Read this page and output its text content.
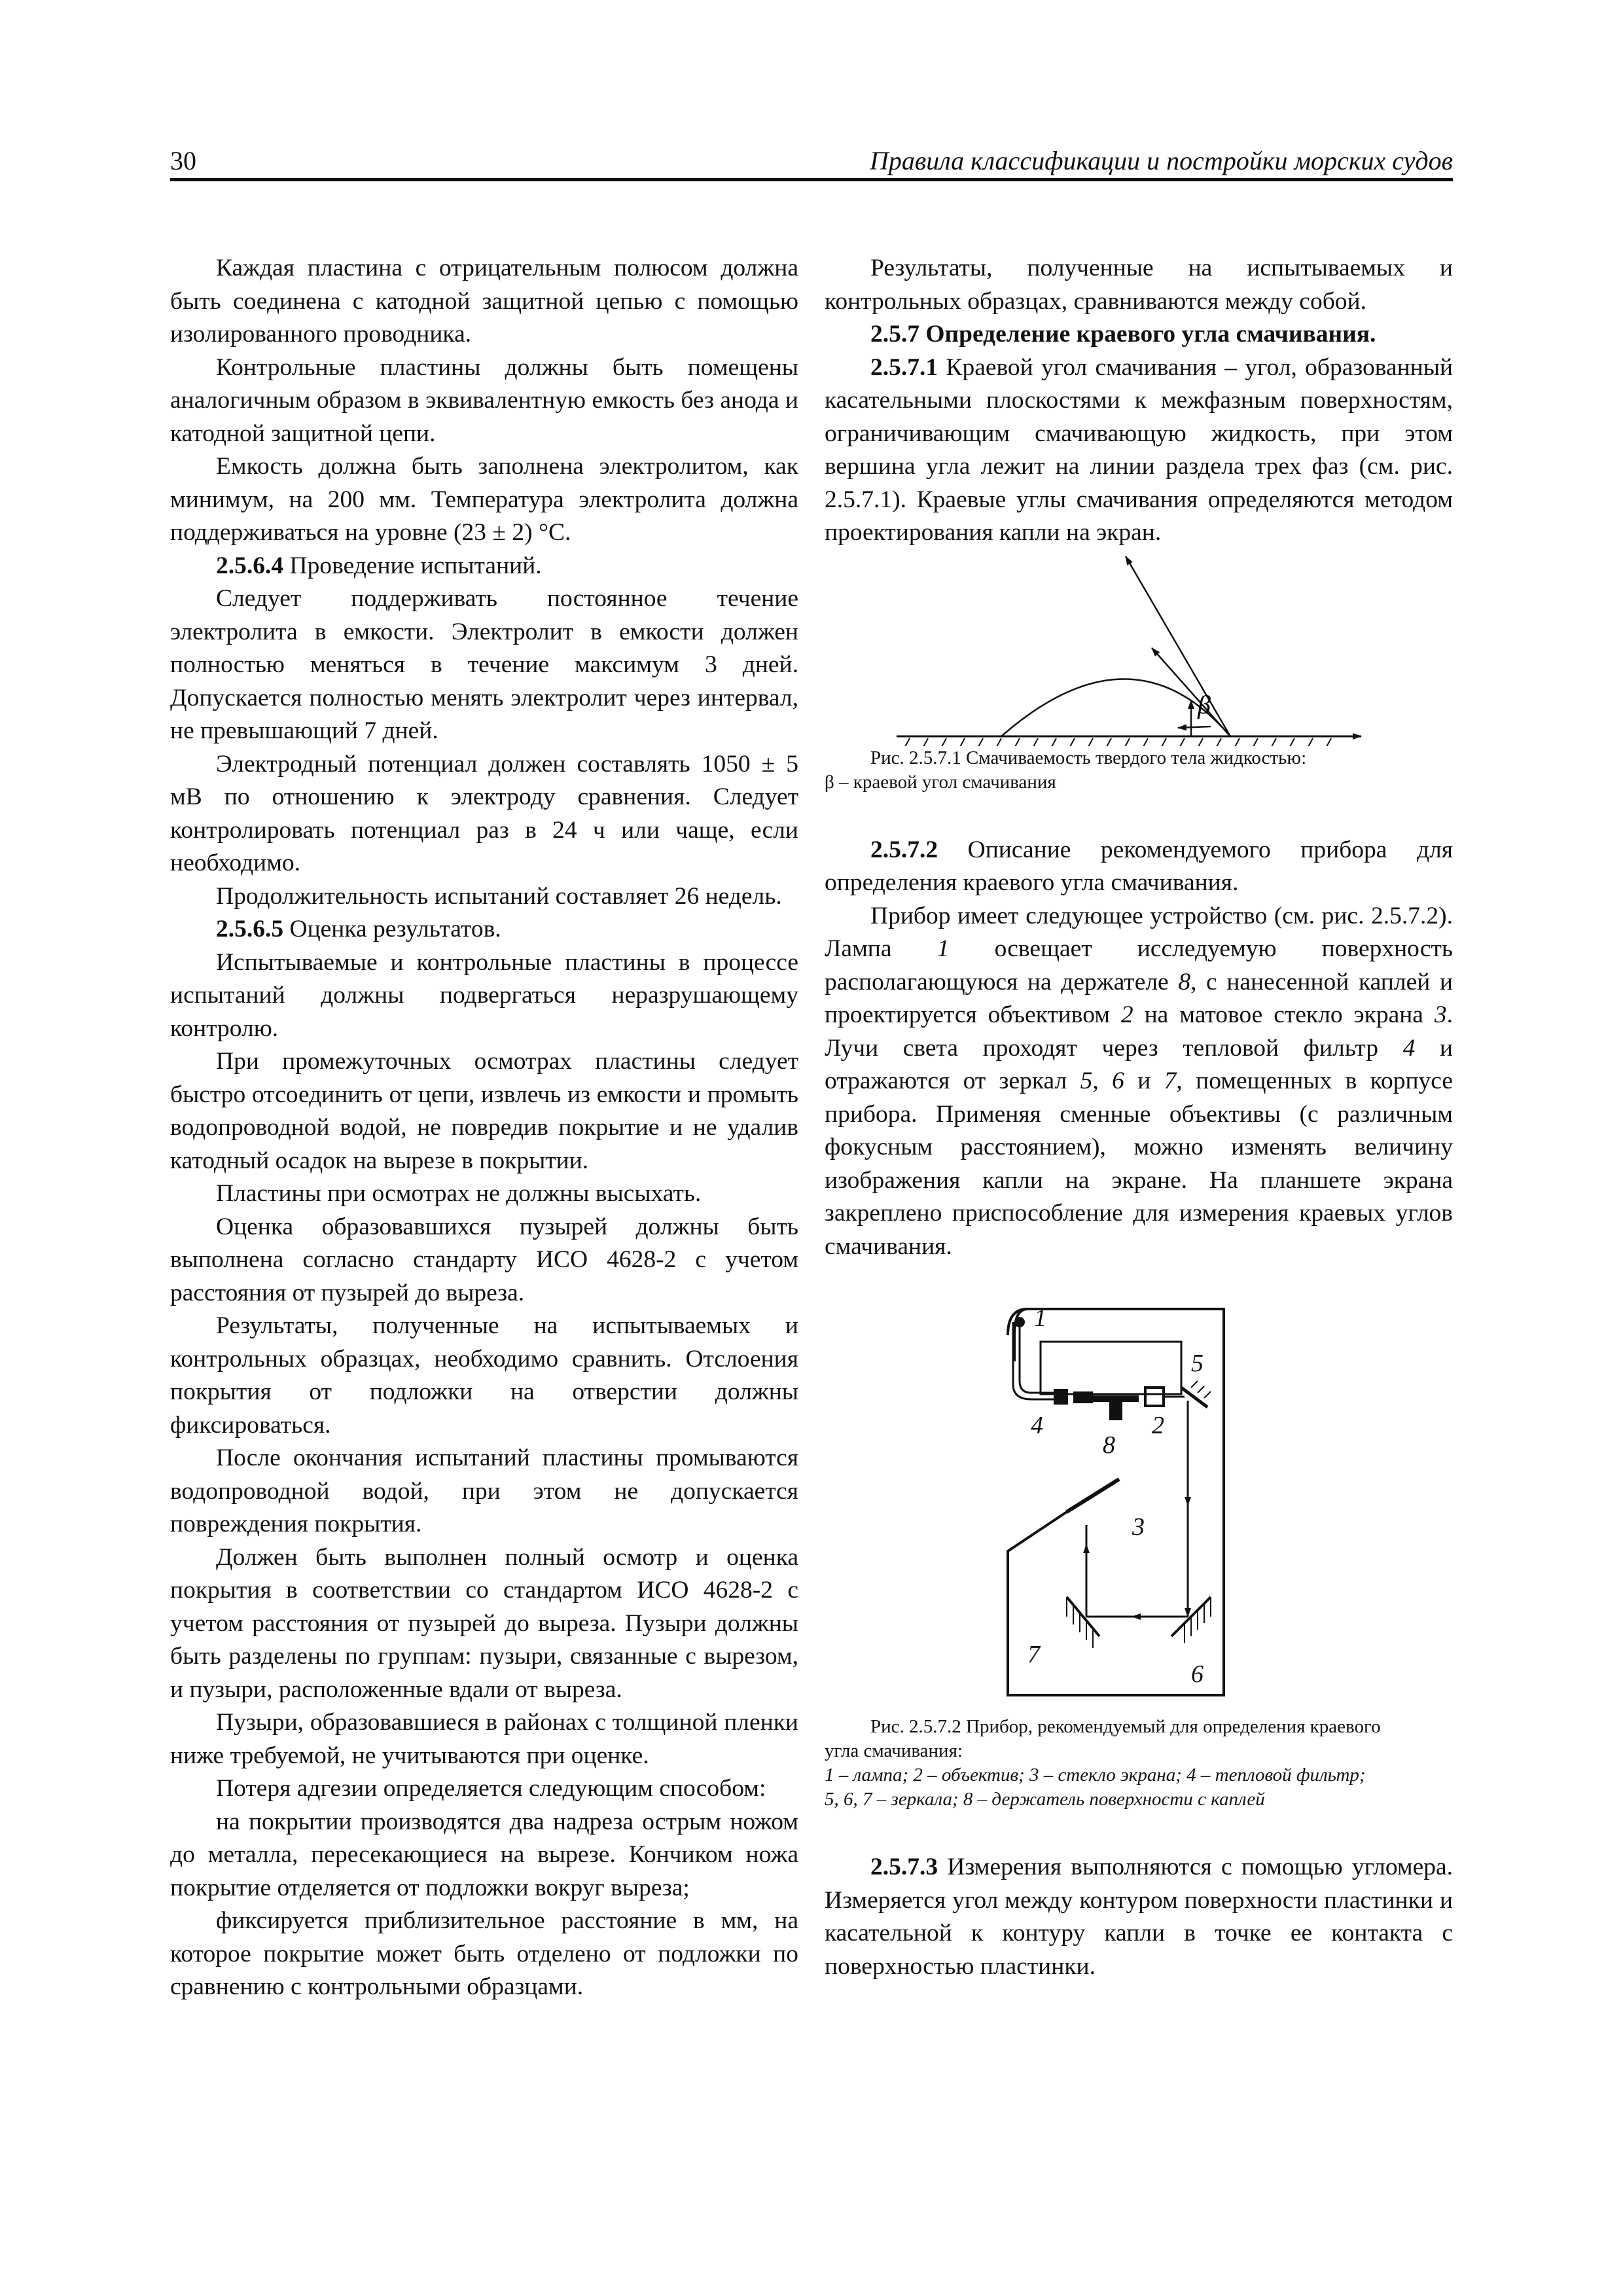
30	Правила классификации и постройки морских судов

Каждая пластина с отрицательным полюсом должна быть соединена с катодной защитной цепью с помощью изолированного проводника.

Контрольные пластины должны быть помещены аналогичным образом в эквивалентную емкость без анода и катодной защитной цепи.

Емкость должна быть заполнена электролитом, как минимум, на 200 мм. Температура электролита должна поддерживаться на уровне (23 ± 2) °С.

2.5.6.4 Проведение испытаний.

Следует поддерживать постоянное течение электролита в емкости. Электролит в емкости должен полностью меняться в течение максимум 3 дней. Допускается полностью менять электролит через интервал, не превышающий 7 дней.

Электродный потенциал должен составлять 1050 ± 5 мВ по отношению к электроду сравнения. Следует контролировать потенциал раз в 24 ч или чаще, если необходимо.

Продолжительность испытаний составляет 26 недель.

2.5.6.5 Оценка результатов.

Испытываемые и контрольные пластины в процессе испытаний должны подвергаться неразрушающему контролю.

При промежуточных осмотрах пластины следует быстро отсоединить от цепи, извлечь из емкости и промыть водопроводной водой, не повредив покрытие и не удалив катодный осадок на вырезе в покрытии.

Пластины при осмотрах не должны высыхать.

Оценка образовавшихся пузырей должны быть выполнена согласно стандарту ИСО 4628-2 с учетом расстояния от пузырей до выреза.

Результаты, полученные на испытываемых и контрольных образцах, необходимо сравнить. Отслоения покрытия от подложки на отверстии должны фиксироваться.

После окончания испытаний пластины промываются водопроводной водой, при этом не допускается повреждения покрытия.

Должен быть выполнен полный осмотр и оценка покрытия в соответствии со стандартом ИСО 4628-2 с учетом расстояния от пузырей до выреза. Пузыри должны быть разделены по группам: пузыри, связанные с вырезом, и пузыри, расположенные вдали от выреза.

Пузыри, образовавшиеся в районах с толщиной пленки ниже требуемой, не учитываются при оценке.

Потеря адгезии определяется следующим способом:

на покрытии производятся два надреза острым ножом до металла, пересекающиеся на вырезе. Кончиком ножа покрытие отделяется от подложки вокруг выреза;

фиксируется приблизительное расстояние в мм, на которое покрытие может быть отделено от подложки по сравнению с контрольными образцами.

Результаты, полученные на испытываемых и контрольных образцах, сравниваются между собой.

2.5.7 Определение краевого угла смачивания.

2.5.7.1 Краевой угол смачивания – угол, образованный касательными плоскостями к межфазным поверхностям, ограничивающим смачивающую жидкость, при этом вершина угла лежит на линии раздела трех фаз (см. рис. 2.5.7.1). Краевые углы смачивания определяются методом проектирования капли на экран.

β

Рис. 2.5.7.1 Смачиваемость твердого тела жидкостью:
β – краевой угол смачивания

2.5.7.2 Описание рекомендуемого прибора для определения краевого угла смачивания.

Прибор имеет следующее устройство (см. рис. 2.5.7.2). Лампа 1 освещает исследуемую поверхность располагающуюся на держателе 8, с нанесенной каплей и проектируется объективом 2 на матовое стекло экрана 3. Лучи света проходят через тепловой фильтр 4 и отражаются от зеркал 5, 6 и 7, помещенных в корпусе прибора. Применяя сменные объективы (с различным фокусным расстоянием), можно изменять величину изображения капли на экране. На планшете экрана закреплено приспособление для измерения краевых углов смачивания.

1
5
4	2
8
3
7
6

Рис. 2.5.7.2 Прибор, рекомендуемый для определения краевого
угла смачивания:
1 – лампа; 2 – объектив; 3 – стекло экрана; 4 – тепловой фильтр;
5, 6, 7 – зеркала; 8 – держатель поверхности с каплей

2.5.7.3 Измерения выполняются с помощью угломера. Измеряется угол между контуром поверхности пластинки и касательной к контуру капли в точке ее контакта с поверхностью пластинки.
